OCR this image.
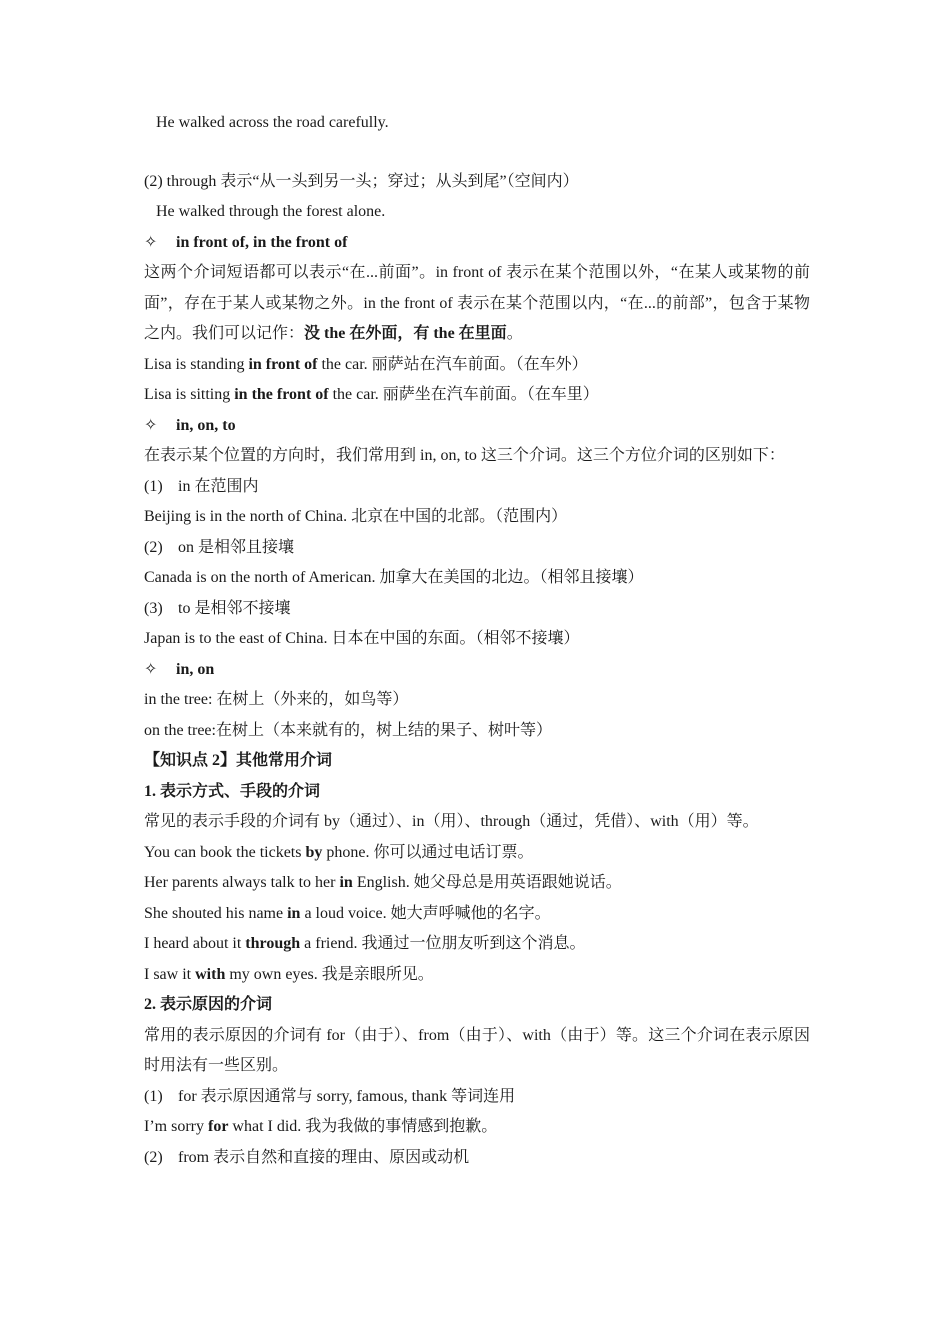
He walked across the road carefully.
(2) through 表示“从一头到另一头；穿过；从头到尾”（空间内）
He walked through the forest alone.
✧ in front of, in the front of
这两个介词短语都可以表示“在...前面”。in front of 表示在某个范围以外，“在某人或某物的前面”，存在于某人或某物之外。in the front of 表示在某个范围以内，“在...的前部”，包含于某物之内。我们可以记作：没 the 在外面，有 the 在里面。
Lisa is standing in front of the car. 丽萨站在汽车前面。（在车外）
Lisa is sitting in the front of the car. 丽萨坐在汽车前面。（在车里）
✧ in, on, to
在表示某个位置的方向时，我们常用到 in, on, to 这三个介词。这三个方位介词的区别如下：
(1) in 在范围内
Beijing is in the north of China. 北京在中国的北部。（范围内）
(2) on 是相邻且接壤
Canada is on the north of American. 加拿大在美国的北边。（相邻且接壤）
(3) to 是相邻不接壤
Japan is to the east of China. 日本在中国的东面。（相邻不接壤）
✧ in, on
in the tree: 在树上（外来的，如鸟等）
on the tree:在树上（本来就有的，树上结的果子、树叶等）
【知识点 2】其他常用介词
1. 表示方式、手段的介词
常见的表示手段的介词有 by（通过）、in（用）、through（通过，凭借）、with（用）等。
You can book the tickets by phone. 你可以通过电话订票。
Her parents always talk to her in English. 她父母总是用英语跟她说话。
She shouted his name in a loud voice. 她大声呼喊他的名字。
I heard about it through a friend. 我通过一位朋友听到这个消息。
I saw it with my own eyes. 我是亲眼所见。
2. 表示原因的介词
常用的表示原因的介词有 for（由于）、from（由于）、with（由于）等。这三个介词在表示原因时用法有一些区别。
(1) for 表示原因通常与 sorry, famous, thank 等词连用
I’m sorry for what I did. 我为我做的事情感到抱歉。
(2) from 表示自然和直接的理由、原因或动机
